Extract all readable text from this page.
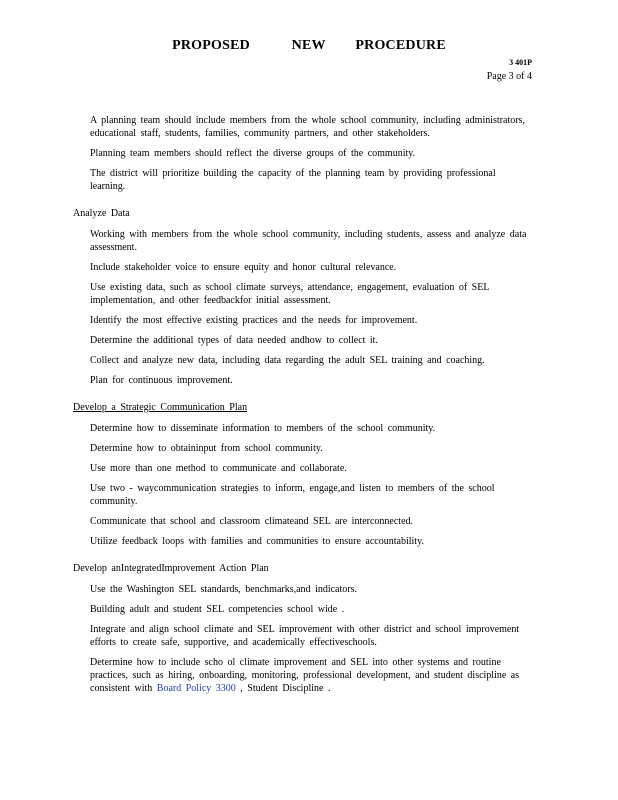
PROPOSED	NEW PROCEDURE
3 401P
Page 3 of 4
A planning team should include members from the whole school community, including administrators, educational staff, students, families, community partners, and other stakeholders.
Planning team members should reflect the diverse groups of the community.
The district will prioritize building the capacity of the planning team by providing professional learning.
Analyze Data
Working with members from the whole school community, including students, assess and analyze data assessment.
Include stakeholder voice to ensure equity and honor cultural relevance.
Use existing data, such as school climate surveys, attendance, engagement, evaluation of SEL implementation, and other feedbackfor initial assessment.
Identify the most effective existing practices and the needs for improvement.
Determine the additional types of data needed andhow to collect it.
Collect and analyze new data, including data regarding the adult SEL training and coaching.
Plan for continuous improvement.
Develop a Strategic Communication Plan
Determine how to disseminate information to members of the school community.
Determine how to obtaininput from school community.
Use more than one method to communicate and collaborate.
Use two - waycommunication strategies to inform, engage,and listen to members of the school community.
Communicate that school and classroom climateand SEL are interconnected.
Utilize feedback loops with families and communities to ensure accountability.
Develop anIntegratedImprovement Action Plan
Use the Washington SEL standards, benchmarks,and indicators.
Building adult and student SEL competencies school wide .
Integrate and align school climate and SEL improvement with other district and school improvement efforts to create safe, supportive, and academically effectiveschools.
Determine how to include scho ol climate improvement and SEL into other systems and routine practices, such as hiring, onboarding, monitoring, professional development, and student discipline as consistent with Board Policy 3300 , Student Discipline .
